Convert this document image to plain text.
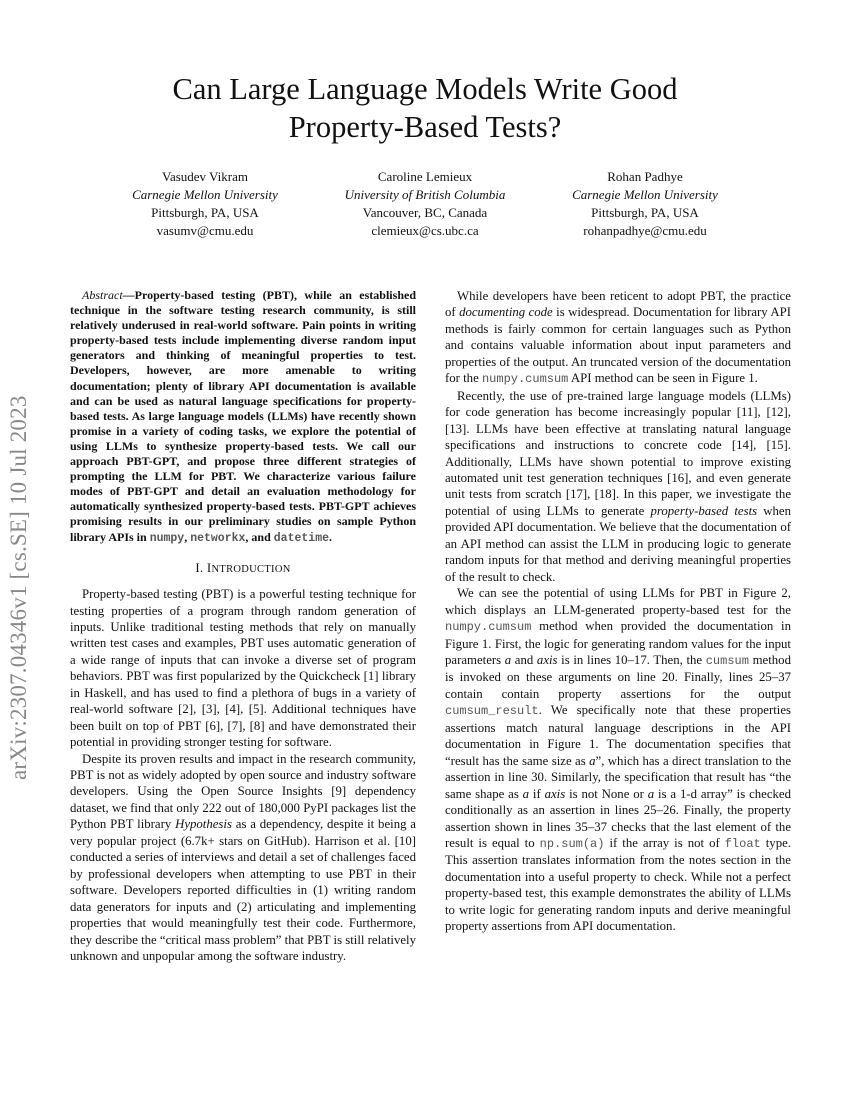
arXiv:2307.04346v1 [cs.SE] 10 Jul 2023
Can Large Language Models Write Good
Property-Based Tests?
Vasudev Vikram
Carnegie Mellon University
Pittsburgh, PA, USA
vasumv@cmu.edu
Caroline Lemieux
University of British Columbia
Vancouver, BC, Canada
clemieux@cs.ubc.ca
Rohan Padhye
Carnegie Mellon University
Pittsburgh, PA, USA
rohanpadhye@cmu.edu

Abstract—Property-based testing (PBT), while an established technique in the software testing research community, is still relatively underused in real-world software. Pain points in writing property-based tests include implementing diverse random input generators and thinking of meaningful properties to test. Developers, however, are more amenable to writing documentation; plenty of library API documentation is available and can be used as natural language specifications for property-based tests. As large language models (LLMs) have recently shown promise in a variety of coding tasks, we explore the potential of using LLMs to synthesize property-based tests. We call our approach PBT-GPT, and propose three different strategies of prompting the LLM for PBT. We characterize various failure modes of PBT-GPT and detail an evaluation methodology for automatically synthesized property-based tests. PBT-GPT achieves promising results in our preliminary studies on sample Python library APIs in numpy, networkx, and datetime.

I. INTRODUCTION

Property-based testing (PBT) is a powerful testing technique for testing properties of a program through random generation of inputs. Unlike traditional testing methods that rely on manually written test cases and examples, PBT uses automatic generation of a wide range of inputs that can invoke a diverse set of program behaviors. PBT was first popularized by the Quickcheck [1] library in Haskell, and has used to find a plethora of bugs in a variety of real-world software [2], [3], [4], [5]. Additional techniques have been built on top of PBT [6], [7], [8] and have demonstrated their potential in providing stronger testing for software.

Despite its proven results and impact in the research community, PBT is not as widely adopted by open source and industry software developers. Using the Open Source Insights [9] dependency dataset, we find that only 222 out of 180,000 PyPI packages list the Python PBT library Hypothesis as a dependency, despite it being a very popular project (6.7k+ stars on GitHub). Harrison et al. [10] conducted a series of interviews and detail a set of challenges faced by professional developers when attempting to use PBT in their software. Developers reported difficulties in (1) writing random data generators for inputs and (2) articulating and implementing properties that would meaningfully test their code. Furthermore, they describe the “critical mass problem” that PBT is still relatively unknown and unpopular among the software industry.

While developers have been reticent to adopt PBT, the practice of documenting code is widespread. Documentation for library API methods is fairly common for certain languages such as Python and contains valuable information about input parameters and properties of the output. An truncated version of the documentation for the numpy.cumsum API method can be seen in Figure 1.

Recently, the use of pre-trained large language models (LLMs) for code generation has become increasingly popular [11], [12], [13]. LLMs have been effective at translating natural language specifications and instructions to concrete code [14], [15]. Additionally, LLMs have shown potential to improve existing automated unit test generation techniques [16], and even generate unit tests from scratch [17], [18]. In this paper, we investigate the potential of using LLMs to generate property-based tests when provided API documentation. We believe that the documentation of an API method can assist the LLM in producing logic to generate random inputs for that method and deriving meaningful properties of the result to check.

We can see the potential of using LLMs for PBT in Figure 2, which displays an LLM-generated property-based test for the numpy.cumsum method when provided the documentation in Figure 1. First, the logic for generating random values for the input parameters a and axis is in lines 10–17. Then, the cumsum method is invoked on these arguments on line 20. Finally, lines 25–37 contain contain property assertions for the output cumsum_result. We specifically note that these properties assertions match natural language descriptions in the API documentation in Figure 1. The documentation specifies that “result has the same size as a”, which has a direct translation to the assertion in line 30. Similarly, the specification that result has “the same shape as a if axis is not None or a is a 1-d array” is checked conditionally as an assertion in lines 25–26. Finally, the property assertion shown in lines 35–37 checks that the last element of the result is equal to np.sum(a) if the array is not of float type. This assertion translates information from the notes section in the documentation into a useful property to check. While not a perfect property-based test, this example demonstrates the ability of LLMs to write logic for generating random inputs and derive meaningful property assertions from API documentation.
